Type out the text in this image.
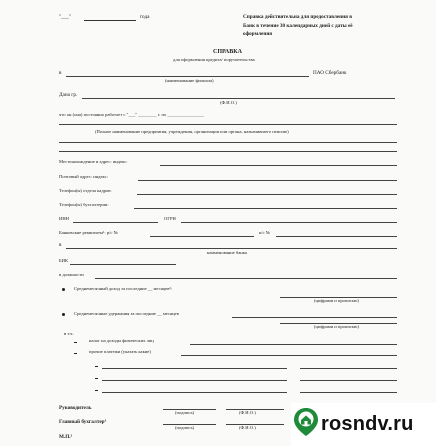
"___"	года	Справка действительна для предоставления в
Банк в течение 30 календарных дней с даты её
оформления
СПРАВКА
для оформления кредита/ поручительства
в	ПАО Сбербанк
(наименование филиала)
Дана гр.
(Ф.И.О.)
что он (она) постоянно работает с "___" ________ г. по ________________
(Полное наименование предприятия, учреждения, организации или органа, назначившего пенсию)
Местонахождение и адрес: индекс:
Почтовый адрес: индекс:
Телефон(ы) отдела кадров:
Телефон(ы) бухгалтерии:
ИНН	ОГРН
Банковские реквизиты¹: р/с №	к/с №
в
наименование банка
БИК
в должности
Среднемесячный доход за последние __ месяцев²:
(цифрами и прописью)
Среднемесячные удержания за последние __ месяцев
(цифрами и прописью)
в т.ч.
налог на доходы физических лиц
прочие платежи (указать какие)
Руководитель
(подпись)	(Ф.И.О.)
Главный бухгалтер³
(подпись)	(Ф.И.О.)
М.П.³
rosndv.ru
